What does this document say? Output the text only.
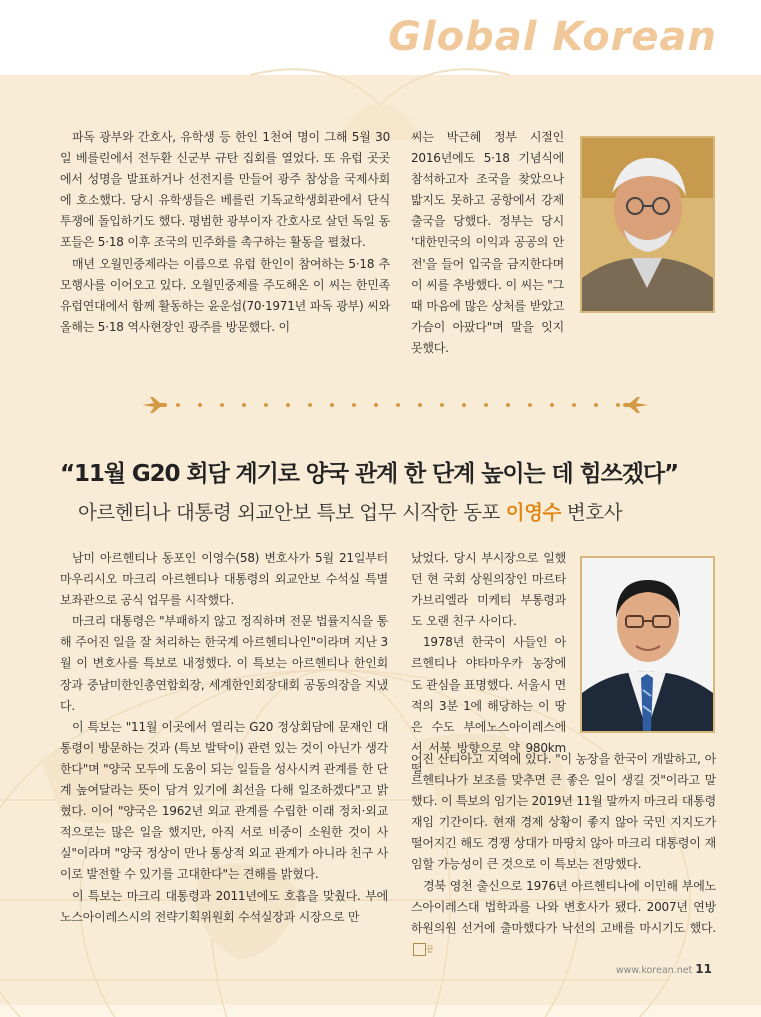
Global Korean

파독 광부와 간호사, 유학생 등 한인 1천여 명이 그해 5월 30일 베를린에서 전두환 신군부 규탄 집회를 열었다. 또 유럽 곳곳에서 성명을 발표하거나 선전지를 만들어 광주 참상을 국제사회에 호소했다. 당시 유학생들은 베를린 기독교학생회관에서 단식투쟁에 돌입하기도 했다. 평범한 광부이자 간호사로 살던 독일 동포들은 5·18 이후 조국의 민주화를 촉구하는 활동을 펼쳤다.

매년 오월민중제라는 이름으로 유럽 한인이 참여하는 5·18 추모행사를 이어오고 있다. 오월민중제를 주도해온 이 씨는 한민족유럽연대에서 함께 활동하는 윤운섭(70·1971년 파독 광부) 씨와 올해는 5·18 역사현장인 광주를 방문했다. 이

씨는 박근혜 정부 시절인 2016년에도 5·18 기념식에 참석하고자 조국을 찾았으나 밟지도 못하고 공항에서 강제 출국을 당했다. 정부는 당시 '대한민국의 이익과 공공의 안전'을 들어 입국을 금지한다며 이 씨를 추방했다. 이 씨는 "그때 마음에 많은 상처를 받았고 가슴이 아팠다"며 말을 잇지 못했다.

“11월 G20 회담 계기로 양국 관계 한 단계 높이는 데 힘쓰겠다”
아르헨티나 대통령 외교안보 특보 업무 시작한 동포 이영수 변호사

남미 아르헨티나 동포인 이영수(58) 변호사가 5월 21일부터 마우리시오 마크리 아르헨티나 대통령의 외교안보 수석실 특별보좌관으로 공식 업무를 시작했다.

마크리 대통령은 "부패하지 않고 정직하며 전문 법률지식을 통해 주어진 일을 잘 처리하는 한국계 아르헨티나인"이라며 지난 3월 이 변호사를 특보로 내정했다. 이 특보는 아르헨티나 한인회장과 중남미한인총연합회장, 세계한인회장대회 공동의장을 지냈다.

이 특보는 "11월 이곳에서 열리는 G20 정상회담에 문재인 대통령이 방문하는 것과 (특보 발탁이) 관련 있는 것이 아닌가 생각한다"며 "양국 모두에 도움이 되는 일들을 성사시켜 관계를 한 단계 높여달라는 뜻이 담겨 있기에 최선을 다해 일조하겠다"고 밝혔다. 이어 "양국은 1962년 외교 관계를 수립한 이래 정치·외교적으로는 많은 일을 했지만, 아직 서로 비중이 소원한 것이 사실"이라며 "양국 정상이 만나 통상적 외교 관계가 아니라 친구 사이로 발전할 수 있기를 고대한다"는 견해를 밝혔다.

이 특보는 마크리 대통령과 2011년에도 호흡을 맞췄다. 부에노스아이레스시의 전략기획위원회 수석실장과 시장으로 만

났었다. 당시 부시장으로 일했던 현 국회 상원의장인 마르타 가브리엘라 미케티 부통령과도 오랜 친구 사이다.

1978년 한국이 사들인 아르헨티나 야타마우카 농장에도 관심을 표명했다. 서울시 면적의 3분 1에 해당하는 이 땅은 수도 부에노스아이레스에서 서북 방향으로 약 980km 떨

어진 산티아고 지역에 있다. "이 농장을 한국이 개발하고, 아르헨티나가 보조를 맞추면 큰 좋은 일이 생길 것"이라고 말했다. 이 특보의 임기는 2019년 11월 말까지 마크리 대통령 재임 기간이다. 현재 경제 상황이 좋지 않아 국민 지지도가 떨어지긴 해도 경쟁 상대가 마땅치 않아 마크리 대통령이 재임할 가능성이 큰 것으로 이 특보는 전망했다.

경북 영천 출신으로 1976년 아르헨티나에 이민해 부에노스아이레스대 법학과를 나와 변호사가 됐다. 2007년 연방 하원의원 선거에 출마했다가 낙선의 고배를 마시기도 했다.끝

www.korean.net 11
